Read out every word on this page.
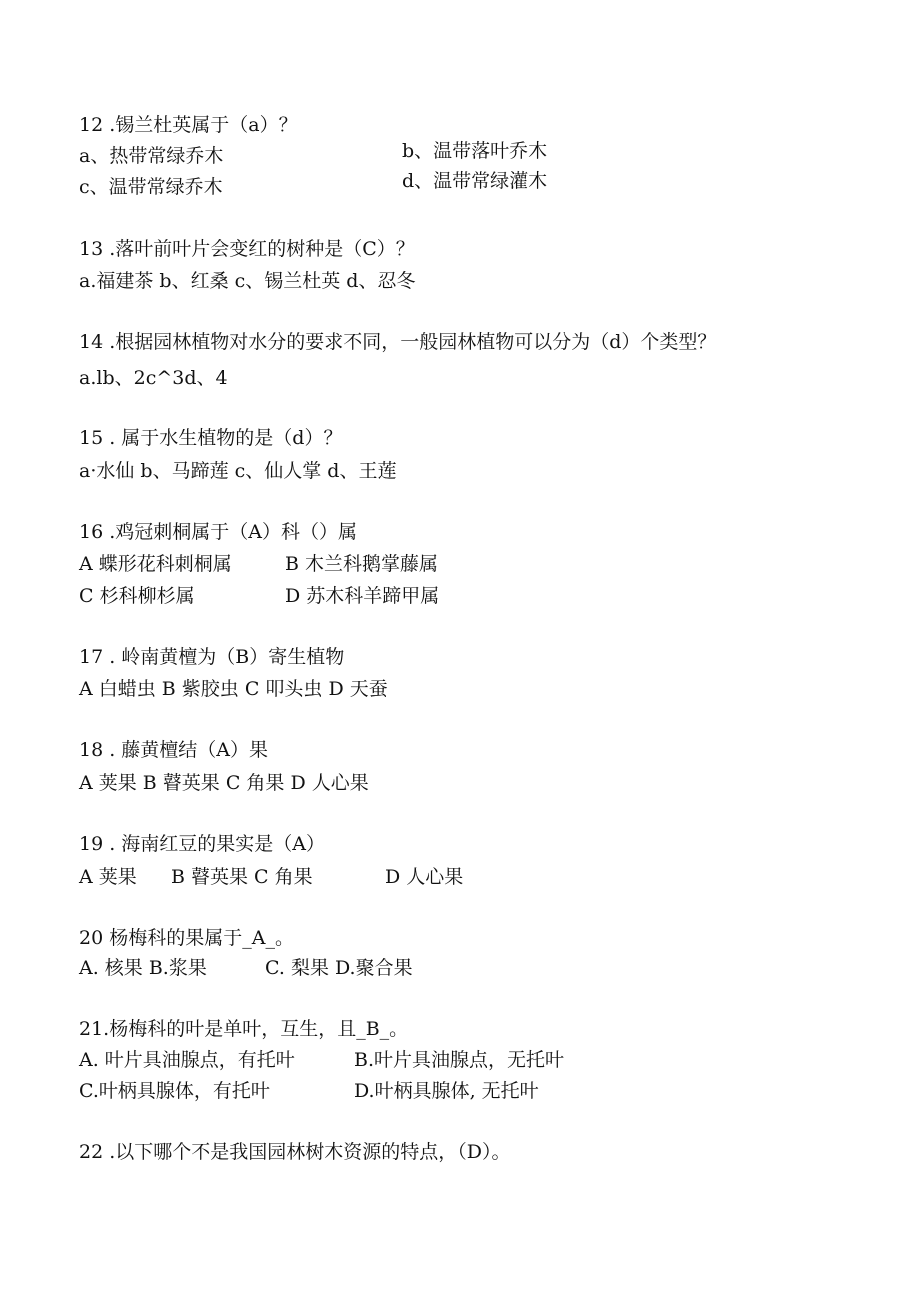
12 .锡兰杜英属于（a）？
a、热带常绿乔木	b、温带落叶乔木
c、温带常绿乔木	d、温带常绿灌木
13 .落叶前叶片会变红的树种是（C）？
a.福建茶 b、红桑 c、锡兰杜英 d、忍冬
14 .根据园林植物对水分的要求不同，一般园林植物可以分为（d）个类型？
a.lb、2c^3d、4
15 . 属于水生植物的是（d）？
a·水仙 b、马蹄莲 c、仙人掌 d、王莲
16 .鸡冠刺桐属于（A）科（）属
A 蝶形花科刺桐属	B 木兰科鹅掌藤属
C 杉科柳杉属	D 苏木科羊蹄甲属
17 . 岭南黄檀为（B）寄生植物
A 白蜡虫 B 紫胶虫 C 叩头虫 D 天蚕
18 . 藤黄檀结（A）果
A 荚果 B 瞽英果 C 角果 D 人心果
19 . 海南红豆的果实是（A）
A 荚果 B 瞽英果 C 角果	D 人心果
20 杨梅科的果属于_A_。
A. 核果 B.浆果	C. 梨果 D.聚合果
21.杨梅科的叶是单叶，互生，且_B_。
A. 叶片具油腺点，有托叶	B.叶片具油腺点，无托叶
C.叶柄具腺体，有托叶	D.叶柄具腺体, 无托叶
22 .以下哪个不是我国园林树木资源的特点，（D）。
